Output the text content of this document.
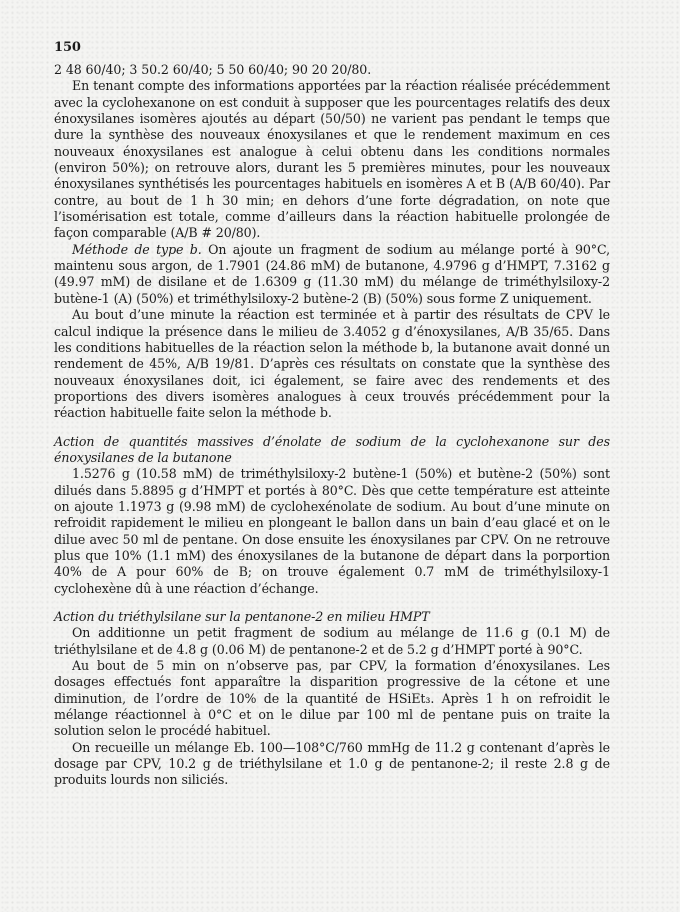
150

2 48 60/40; 3 50.2 60/40; 5 50 60/40; 90 20 20/80.

En tenant compte des informations apportées par la réaction réalisée précédemment avec la cyclohexanone on est conduit à supposer que les pourcentages relatifs des deux énoxysilanes isomères ajoutés au départ (50/50) ne varient pas pendant le temps que dure la synthèse des nouveaux énoxysilanes et que le rendement maximum en ces nouveaux énoxysilanes est analogue à celui obtenu dans les conditions normales (environ 50%); on retrouve alors, durant les 5 premières minutes, pour les nouveaux énoxysilanes synthétisés les pourcentages habituels en isomères A et B (A/B 60/40). Par contre, au bout de 1 h 30 min; en dehors d’une forte dégradation, on note que l’isomérisation est totale, comme d’ailleurs dans la réaction habituelle prolongée de façon comparable (A/B # 20/80).

Méthode de type b. On ajoute un fragment de sodium au mélange porté à 90°C, maintenu sous argon, de 1.7901 (24.86 mM) de butanone, 4.9796 g d’HMPT, 7.3162 g (49.97 mM) de disilane et de 1.6309 g (11.30 mM) du mélange de triméthylsiloxy-2 butène-1 (A) (50%) et triméthylsiloxy-2 butène-2 (B) (50%) sous forme Z uniquement.

Au bout d’une minute la réaction est terminée et à partir des résultats de CPV le calcul indique la présence dans le milieu de 3.4052 g d’énoxysilanes, A/B 35/65. Dans les conditions habituelles de la réaction selon la méthode b, la butanone avait donné un rendement de 45%, A/B 19/81. D’après ces résultats on constate que la synthèse des nouveaux énoxysilanes doit, ici également, se faire avec des rendements et des proportions des divers isomères analogues à ceux trouvés précédemment pour la réaction habituelle faite selon la méthode b.

Action de quantités massives d’énolate de sodium de la cyclohexanone sur des énoxysilanes de la butanone

1.5276 g (10.58 mM) de triméthylsiloxy-2 butène-1 (50%) et butène-2 (50%) sont dilués dans 5.8895 g d’HMPT et portés à 80°C. Dès que cette température est atteinte on ajoute 1.1973 g (9.98 mM) de cyclohexénolate de sodium. Au bout d’une minute on refroidit rapidement le milieu en plongeant le ballon dans un bain d’eau glacé et on le dilue avec 50 ml de pentane. On dose ensuite les énoxysilanes par CPV. On ne retrouve plus que 10% (1.1 mM) des énoxysilanes de la butanone de départ dans la porportion 40% de A pour 60% de B; on trouve également 0.7 mM de triméthylsiloxy-1 cyclohexène dû à une réaction d’échange.

Action du triéthylsilane sur la pentanone-2 en milieu HMPT

On additionne un petit fragment de sodium au mélange de 11.6 g (0.1 M) de triéthylsilane et de 4.8 g (0.06 M) de pentanone-2 et de 5.2 g d’HMPT porté à 90°C.

Au bout de 5 min on n’observe pas, par CPV, la formation d’énoxysilanes. Les dosages effectués font apparaître la disparition progressive de la cétone et une diminution, de l’ordre de 10% de la quantité de HSiEt₃. Après 1 h on refroidit le mélange réactionnel à 0°C et on le dilue par 100 ml de pentane puis on traite la solution selon le procédé habituel.

On recueille un mélange Eb. 100—108°C/760 mmHg de 11.2 g contenant d’après le dosage par CPV, 10.2 g de triéthylsilane et 1.0 g de pentanone-2; il reste 2.8 g de produits lourds non siliciés.
